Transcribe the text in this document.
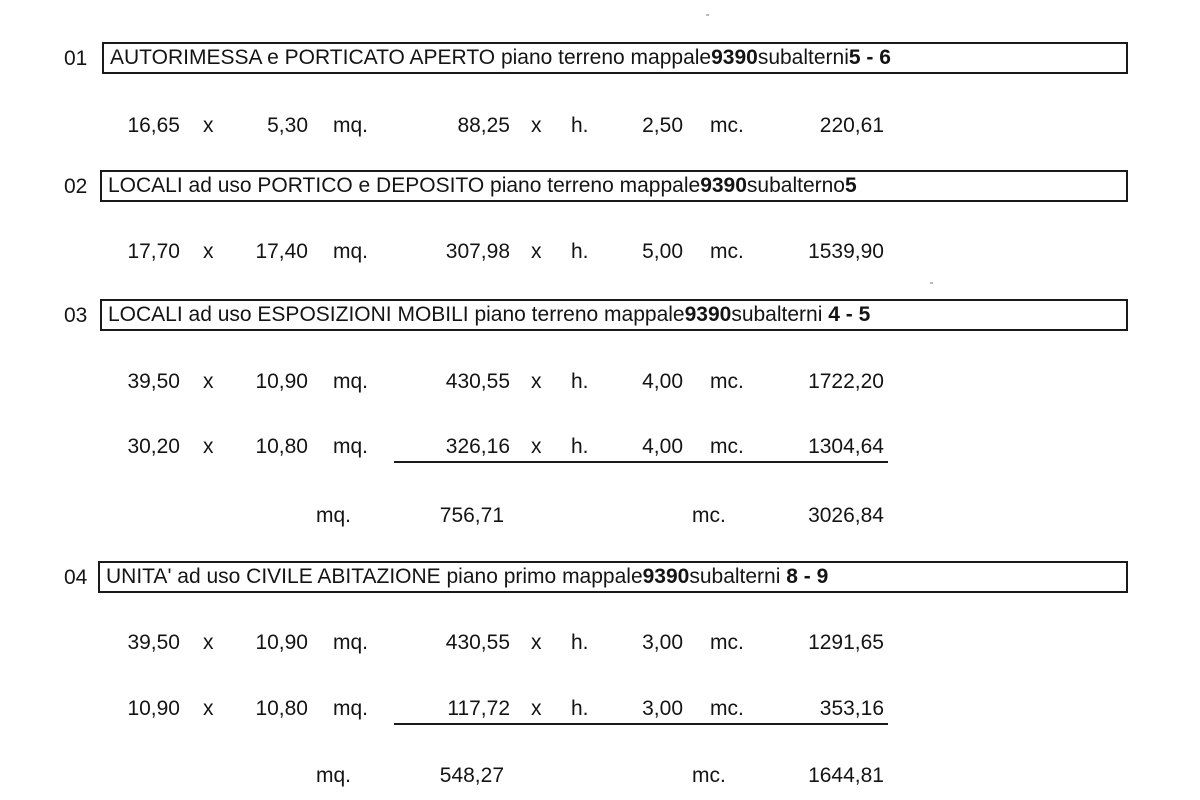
01 AUTORIMESSA e PORTICATO APERTO piano terreno mappale 9390 subalterni 5 - 6
16,65 x	5,30 mq.	88,25 x h.	2,50 mc.	220,61
02 LOCALI ad uso PORTICO e DEPOSITO piano terreno mappale 9390 subalterno 5
17,70 x	17,40 mq.	307,98 x h.	5,00 mc.	1539,90
03 LOCALI ad uso ESPOSIZIONI MOBILI piano terreno mappale 9390 subalterni
4 - 5
39,50 x	10,90 mq.	430,55 x h.	4,00 mc.	1722,20
30,20 x	10,80 mq.	326,16 x h.	4,00 mc.	1304,64
mq.	756,71	mc.	3026,84
04 UNITA' ad uso CIVILE ABITAZIONE piano primo mappale 9390 subalterni
8 - 9
39,50 x	10,90 mq.	430,55 x h.	3,00 mc.	1291,65
10,90 x	10,80 mq.	117,72 x h.	3,00 mc.	353,16
mq.	548,27	mc.	1644,81
